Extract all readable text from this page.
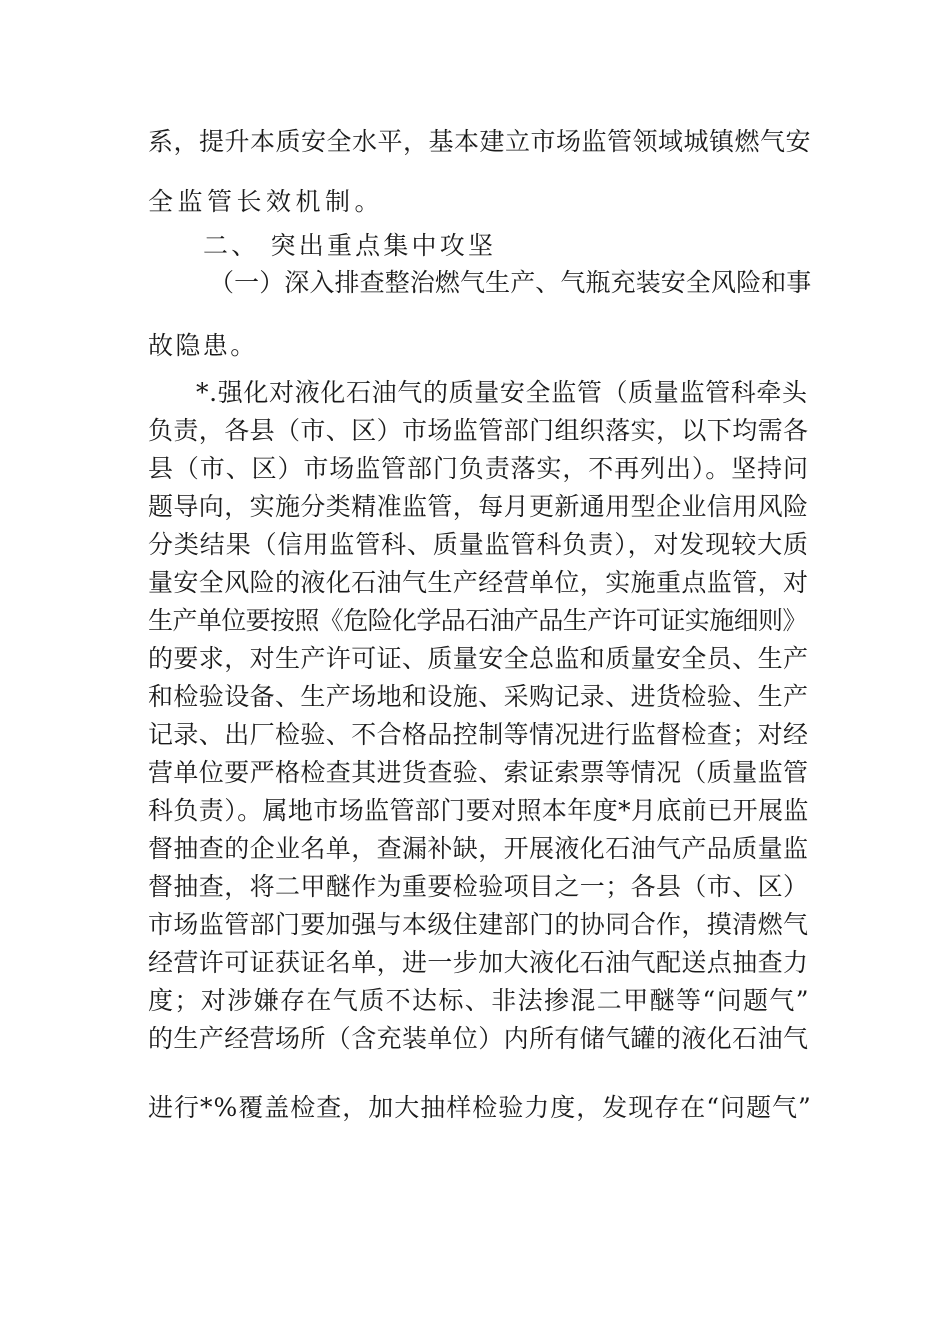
系，提升本质安全水平，基本建立市场监管领域城镇燃气安
全监管长效机制。
二、 突出重点集中攻坚
（一）深入排查整治燃气生产、气瓶充装安全风险和事
故隐患。
*.强化对液化石油气的质量安全监管（质量监管科牵头
负责，各县（市、区）市场监管部门组织落实，以下均需各
县（市、区）市场监管部门负责落实，不再列出）。坚持问
题导向，实施分类精准监管，每月更新通用型企业信用风险
分类结果（信用监管科、质量监管科负责），对发现较大质
量安全风险的液化石油气生产经营单位，实施重点监管，对
生产单位要按照《危险化学品石油产品生产许可证实施细则》
的要求，对生产许可证、质量安全总监和质量安全员、生产
和检验设备、生产场地和设施、采购记录、进货检验、生产
记录、出厂检验、不合格品控制等情况进行监督检查；对经
营单位要严格检查其进货查验、索证索票等情况（质量监管
科负责）。属地市场监管部门要对照本年度*月底前已开展监
督抽查的企业名单，查漏补缺，开展液化石油气产品质量监
督抽查，将二甲醚作为重要检验项目之一；各县（市、区）
市场监管部门要加强与本级住建部门的协同合作，摸清燃气
经营许可证获证名单，进一步加大液化石油气配送点抽查力
度；对涉嫌存在气质不达标、非法掺混二甲醚等“问题气”
的生产经营场所（含充装单位）内所有储气罐的液化石油气
进行*%覆盖检查，加大抽样检验力度，发现存在“问题气”
